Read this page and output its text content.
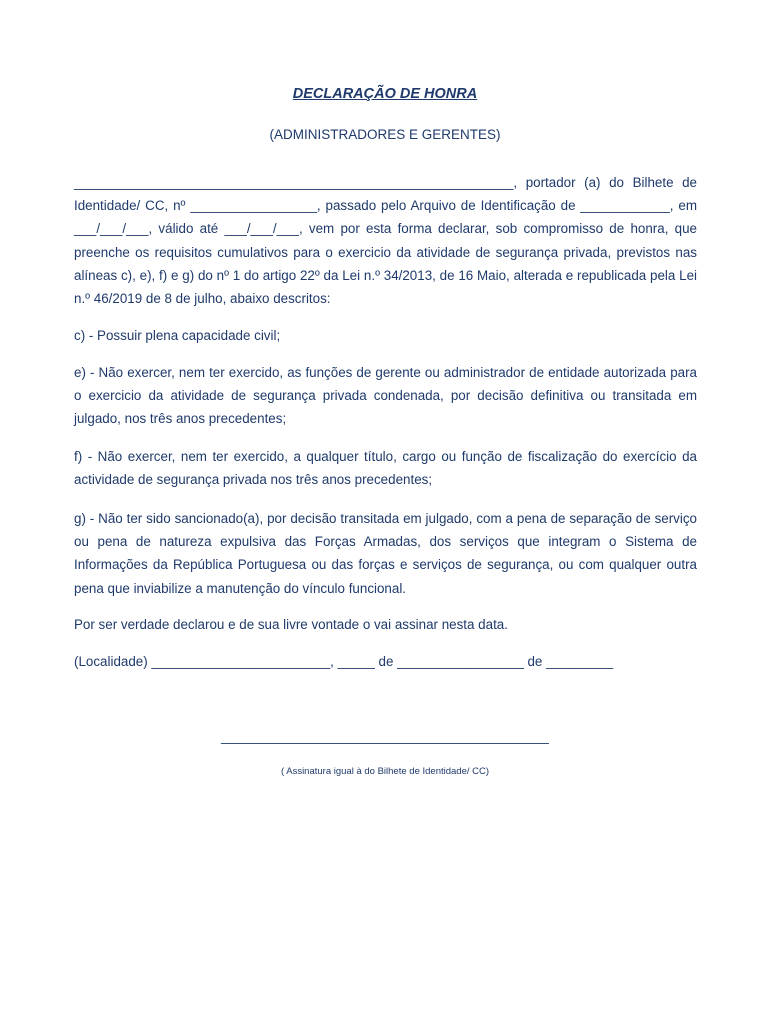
DECLARAÇÃO DE HONRA
(ADMINISTRADORES E GERENTES)

___________________________________________________________, portador (a) do Bilhete de Identidade/ CC, nº _________________, passado pelo Arquivo de Identificação de ____________, em ___/___/___, válido até ___/___/___, vem por esta forma declarar, sob compromisso de honra, que preenche os requisitos cumulativos para o exercicio da atividade de segurança privada, previstos nas alíneas c), e), f) e g) do nº 1 do artigo 22º da Lei n.º 34/2013, de 16 Maio, alterada e republicada pela Lei n.º 46/2019 de 8 de julho, abaixo descritos:

c) - Possuir plena capacidade civil;

e) - Não exercer, nem ter exercido, as funções de gerente ou administrador de entidade autorizada para o exercicio da atividade de segurança privada condenada, por decisão definitiva ou transitada em julgado, nos três anos precedentes;

f) - Não exercer, nem ter exercido, a qualquer título, cargo ou função de fiscalização do exercício da actividade de segurança privada nos três anos precedentes;

g) - Não ter sido sancionado(a), por decisão transitada em julgado, com a pena de separação de serviço ou pena de natureza expulsiva das Forças Armadas, dos serviços que integram o Sistema de Informações da República Portuguesa ou das forças e serviços de segurança, ou com qualquer outra pena que inviabilize a manutenção do vínculo funcional.

Por ser verdade declarou e de sua livre vontade o vai assinar nesta data.

(Localidade) ________________________, _____ de _________________ de _________

____________________________________________
( Assinatura igual à do Bilhete de Identidade/ CC)
